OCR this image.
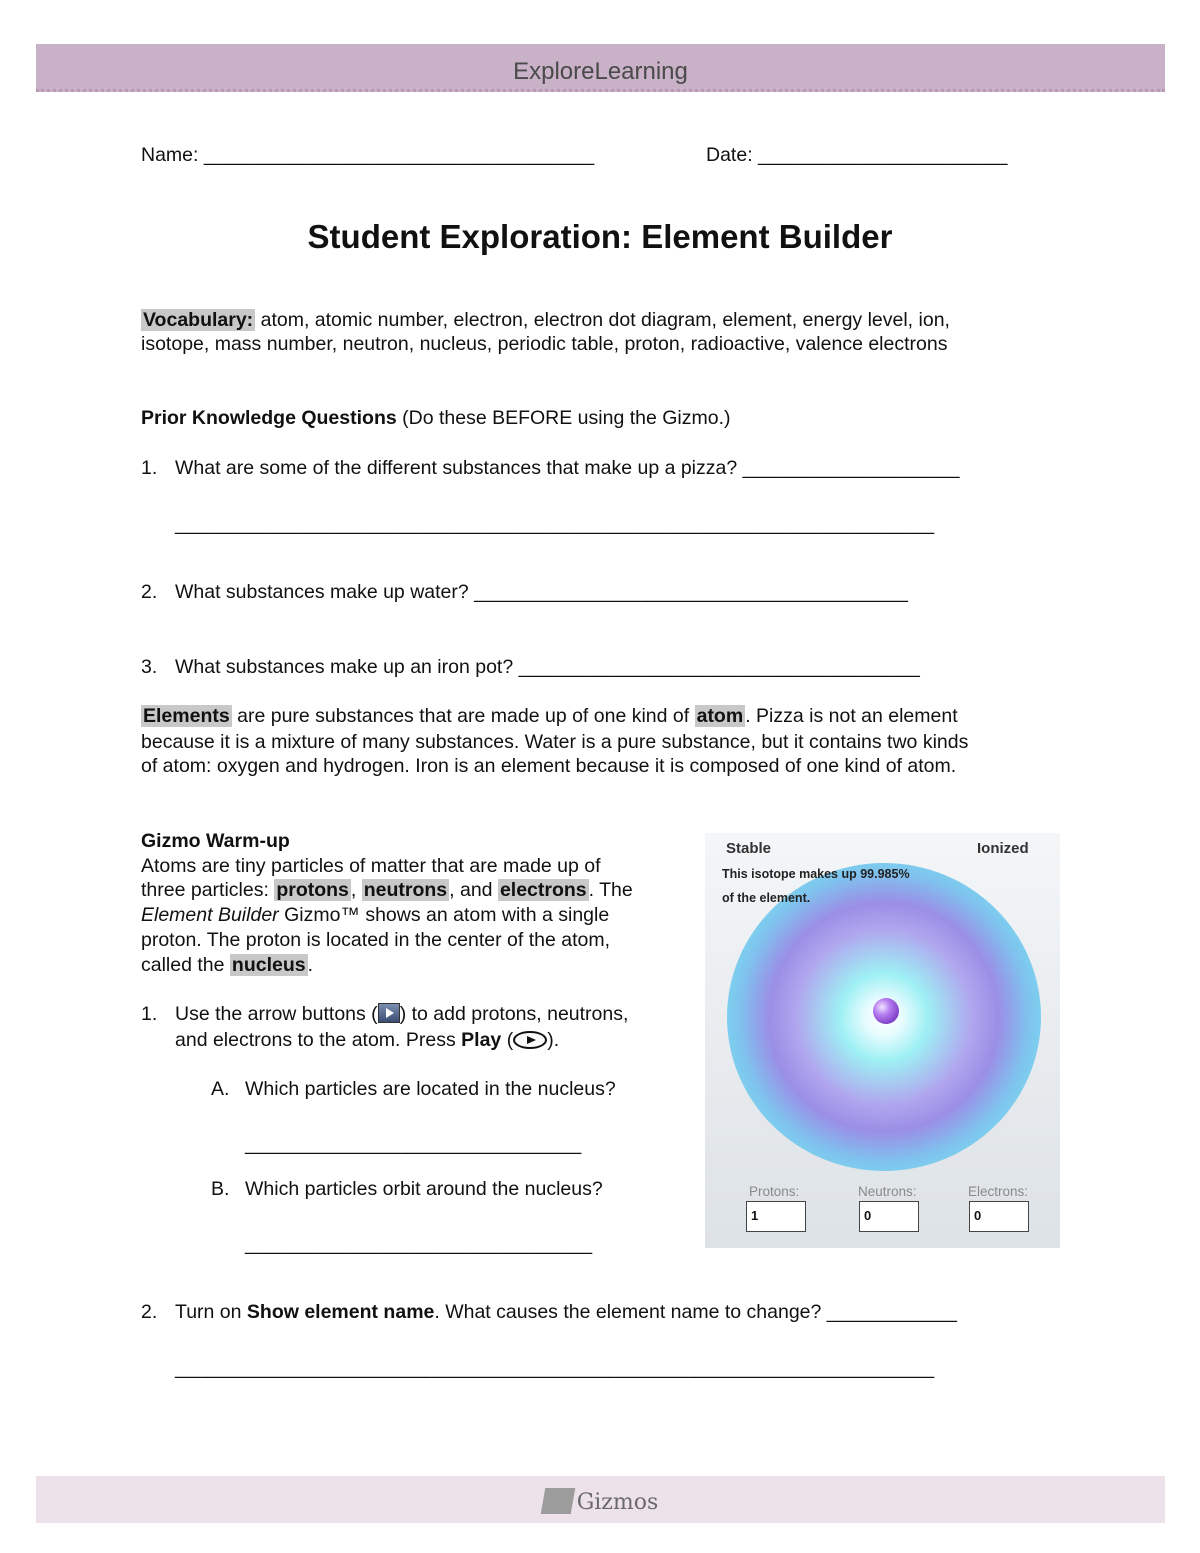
ExploreLearning
Name: ____________________________________	Date: _______________________
Student Exploration: Element Builder
Vocabulary: atom, atomic number, electron, electron dot diagram, element, energy level, ion,
isotope, mass number, neutron, nucleus, periodic table, proton, radioactive, valence electrons
Prior Knowledge Questions (Do these BEFORE using the Gizmo.)
1. What are some of the different substances that make up a pizza? ____________________
______________________________________________________________________
2. What substances make up water? ________________________________________
3. What substances make up an iron pot? _____________________________________
Elements are pure substances that are made up of one kind of atom . Pizza is not an element
because it is a mixture of many substances. Water is a pure substance, but it contains two kinds
of atom: oxygen and hydrogen. Iron is an element because it is composed of one kind of atom.
Gizmo Warm-up
Atoms are tiny particles of matter that are made up of
three particles: protons , neutrons , and electrons . The
Element Builder Gizmo™ shows an atom with a single
proton. The proton is located in the center of the atom,
called the nucleus .
1. Use the arrow buttons ( ) to add protons, neutrons,
and electrons to the atom. Press Play ( ).
A. Which particles are located in the nucleus?
_______________________________
B. Which particles orbit around the nucleus?
________________________________
2. Turn on Show element name. What causes the element name to change? ____________
______________________________________________________________________
Stable	Ionized
This isotope makes up 99.985%
of the element.
Protons:	Neutrons:	Electrons:
1	0	0
Gizmos
